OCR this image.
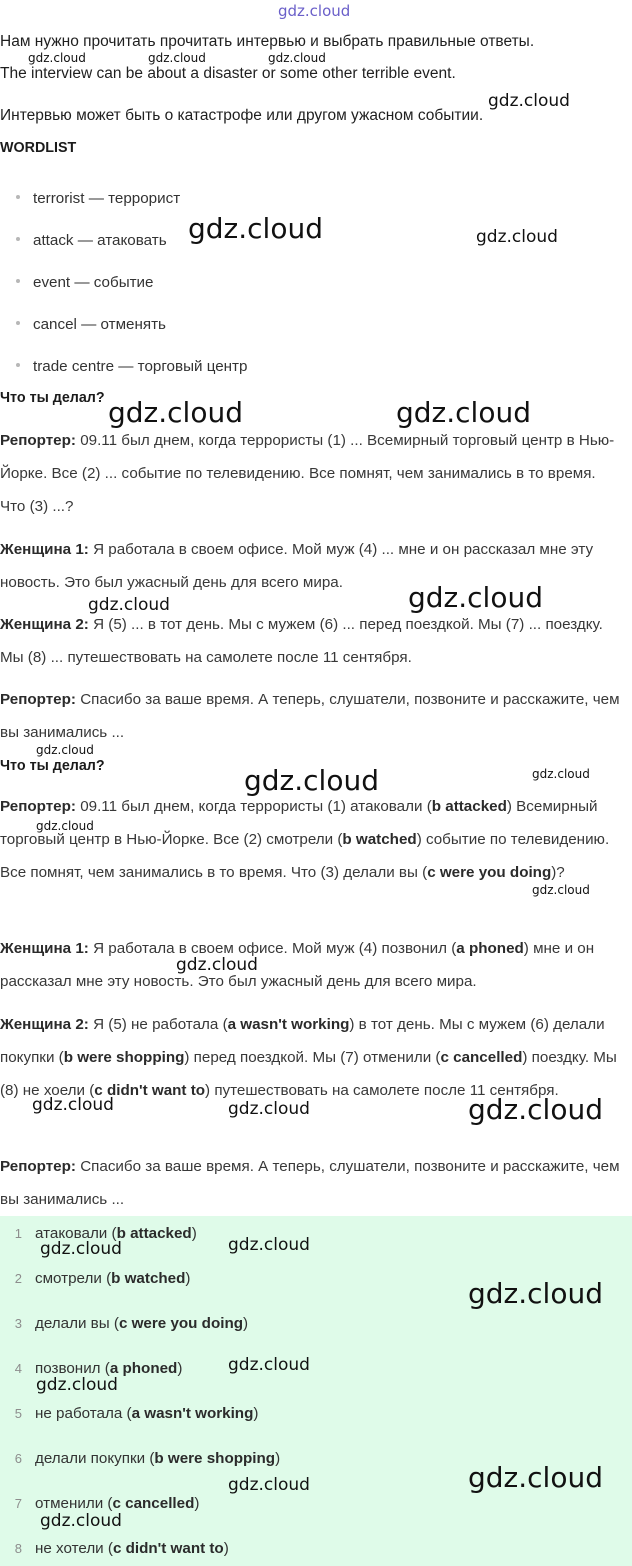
gdz.cloud
Нам нужно прочитать прочитать интервью и выбрать правильные ответы.
The interview can be about a disaster or some other terrible event.
Интервью может быть о катастрофе или другом ужасном событии.
WORDLIST
terrorist — террорист
attack — атаковать
event — событие
cancel — отменять
trade centre — торговый центр
Что ты делал?
Репортер: 09.11 был днем, когда террористы (1) ... Всемирный торговый центр в Нью-Йорке. Все (2) ... событие по телевидению. Все помнят, чем занимались в то время. Что (3) ...?
Женщина 1: Я работала в своем офисе. Мой муж (4) ... мне и он рассказал мне эту новость. Это был ужасный день для всего мира.
Женщина 2: Я (5) ... в тот день. Мы с мужем (6) ... перед поездкой. Мы (7) ... поездку. Мы (8) ... путешествовать на самолете после 11 сентября.
Репортер: Спасибо за ваше время. А теперь, слушатели, позвоните и расскажите, чем вы занимались ...
Что ты делал?
Репортер: 09.11 был днем, когда террористы (1) атаковали (b attacked) Всемирный торговый центр в Нью-Йорке. Все (2) смотрели (b watched) событие по телевидению. Все помнят, чем занимались в то время. Что (3) делали вы (c were you doing)?
Женщина 1: Я работала в своем офисе. Мой муж (4) позвонил (a phoned) мне и он рассказал мне эту новость. Это был ужасный день для всего мира.
Женщина 2: Я (5) не работала (a wasn't working) в тот день. Мы с мужем (6) делали покупки (b were shopping) перед поездкой. Мы (7) отменили (c cancelled) поездку. Мы (8) не хоели (c didn't want to) путешествовать на самолете после 11 сентября.
Репортер: Спасибо за ваше время. А теперь, слушатели, позвоните и расскажите, чем вы занимались ...
1 атаковали (b attacked)
2 смотрели (b watched)
3 делали вы (c were you doing)
4 позвонил (a phoned)
5 не работала (a wasn't working)
6 делали покупки (b were shopping)
7 отменили (c cancelled)
8 не хотели (c didn't want to)
gdz.cloud	gdz.cloud	gdz.cloud
gdz.cloud
gdz.cloud	gdz.cloud
gdz.cloud	gdz.cloud
gdz.cloud	gdz.cloud
gdz.cloud
gdz.cloud	gdz.cloud
gdz.cloud
gdz.cloud
gdz.cloud
gdz.cloud	gdz.cloud	gdz.cloud
gdz.cloud	gdz.cloud
gdz.cloud
gdz.cloud
gdz.cloud
gdz.cloud	gdz.cloud
gdz.cloud
